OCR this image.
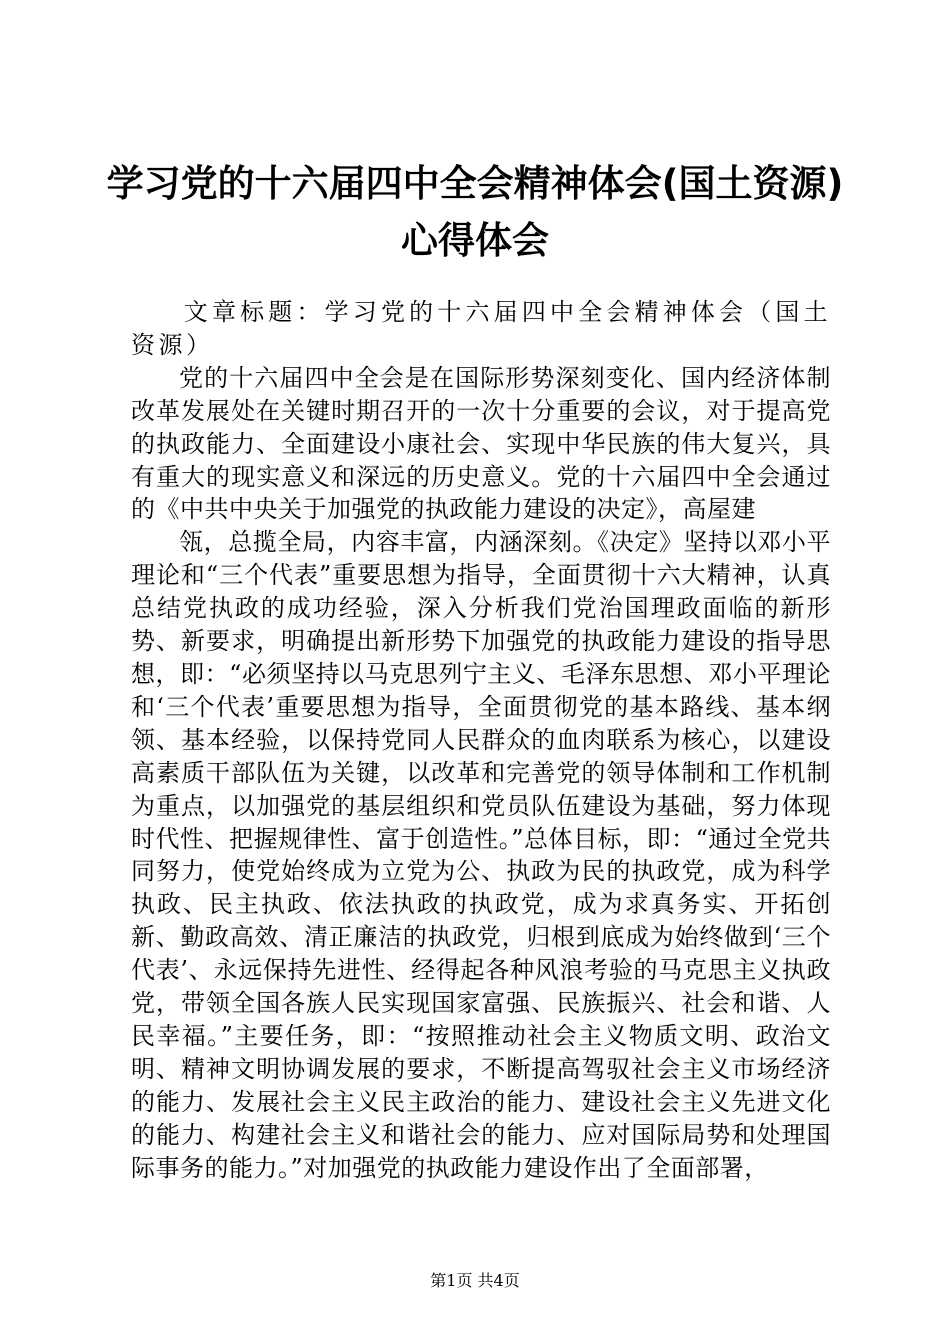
学习党的十六届四中全会精神体会(国土资源)
心得体会

文章标题：学习党的十六届四中全会精神体会（国土资源）

党的十六届四中全会是在国际形势深刻变化、国内经济体制改革发展处在关键时期召开的一次十分重要的会议，对于提高党的执政能力、全面建设小康社会、实现中华民族的伟大复兴，具有重大的现实意义和深远的历史意义。党的十六届四中全会通过的《中共中央关于加强党的执政能力建设的决定》，高屋建

瓴，总揽全局，内容丰富，内涵深刻。《决定》坚持以邓小平理论和“三个代表”重要思想为指导，全面贯彻十六大精神，认真总结党执政的成功经验，深入分析我们党治国理政面临的新形势、新要求，明确提出新形势下加强党的执政能力建设的指导思想，即：“必须坚持以马克思列宁主义、毛泽东思想、邓小平理论和‘三个代表’重要思想为指导，全面贯彻党的基本路线、基本纲领、基本经验，以保持党同人民群众的血肉联系为核心，以建设高素质干部队伍为关键，以改革和完善党的领导体制和工作机制为重点，以加强党的基层组织和党员队伍建设为基础，努力体现时代性、把握规律性、富于创造性。”总体目标，即：“通过全党共同努力，使党始终成为立党为公、执政为民的执政党，成为科学执政、民主执政、依法执政的执政党，成为求真务实、开拓创新、勤政高效、清正廉洁的执政党，归根到底成为始终做到‘三个代表’、永远保持先进性、经得起各种风浪考验的马克思主义执政党，带领全国各族人民实现国家富强、民族振兴、社会和谐、人民幸福。”主要任务，即：“按照推动社会主义物质文明、政治文明、精神文明协调发展的要求，不断提高驾驭社会主义市场经济的能力、发展社会主义民主政治的能力、建设社会主义先进文化的能力、构建社会主义和谐社会的能力、应对国际局势和处理国际事务的能力。”对加强党的执政能力建设作出了全面部署，

第1页 共4页
